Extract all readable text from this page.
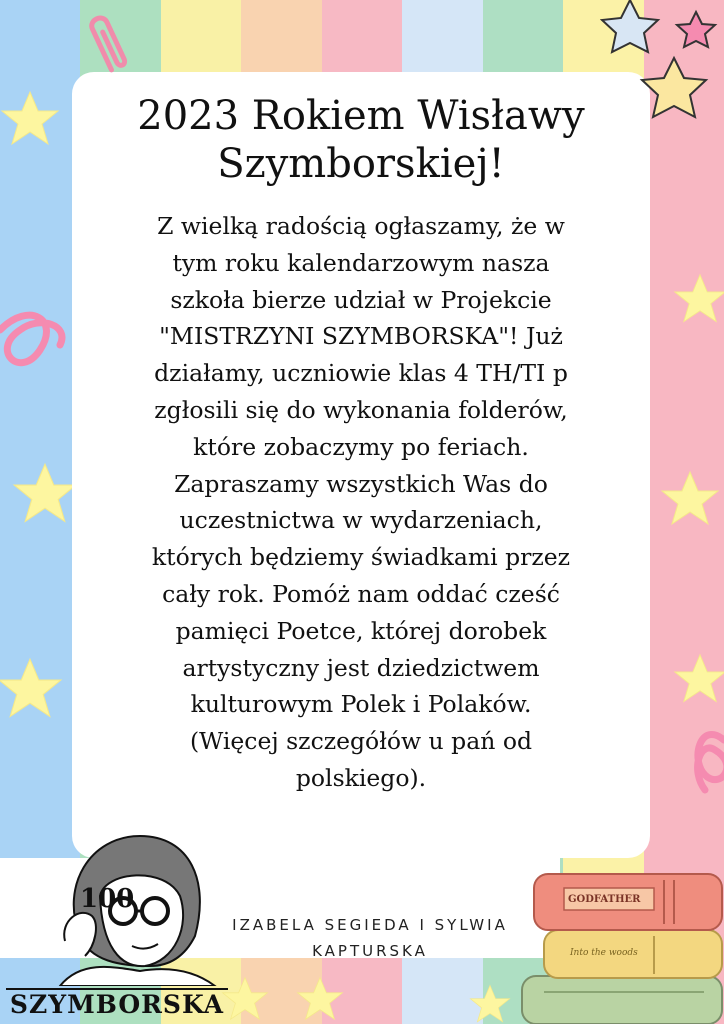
2023 Rokiem Wisławy
Szymborskiej!

Z wielką radością ogłaszamy, że w
tym roku kalendarzowym nasza
szkoła bierze udział w Projekcie
"MISTRZYNI SZYMBORSKA"! Już
działamy, uczniowie klas 4 TH/TI p
zgłosili się do wykonania folderów,
które zobaczymy po feriach.
Zapraszamy wszystkich Was do
uczestnictwa w wydarzeniach,
których będziemy świadkami przez
cały rok. Pomóż nam oddać cześć
pamięci Poetce, której dorobek
artystyczny jest dziedzictwem
kulturowym Polek i Polaków.
(Więcej szczegółów u pań od
polskiego).

100
SZYMBORSKA
IZABELA SEGIEDA I SYLWIA
KAPTURSKA
GODFATHER
Into the woods
